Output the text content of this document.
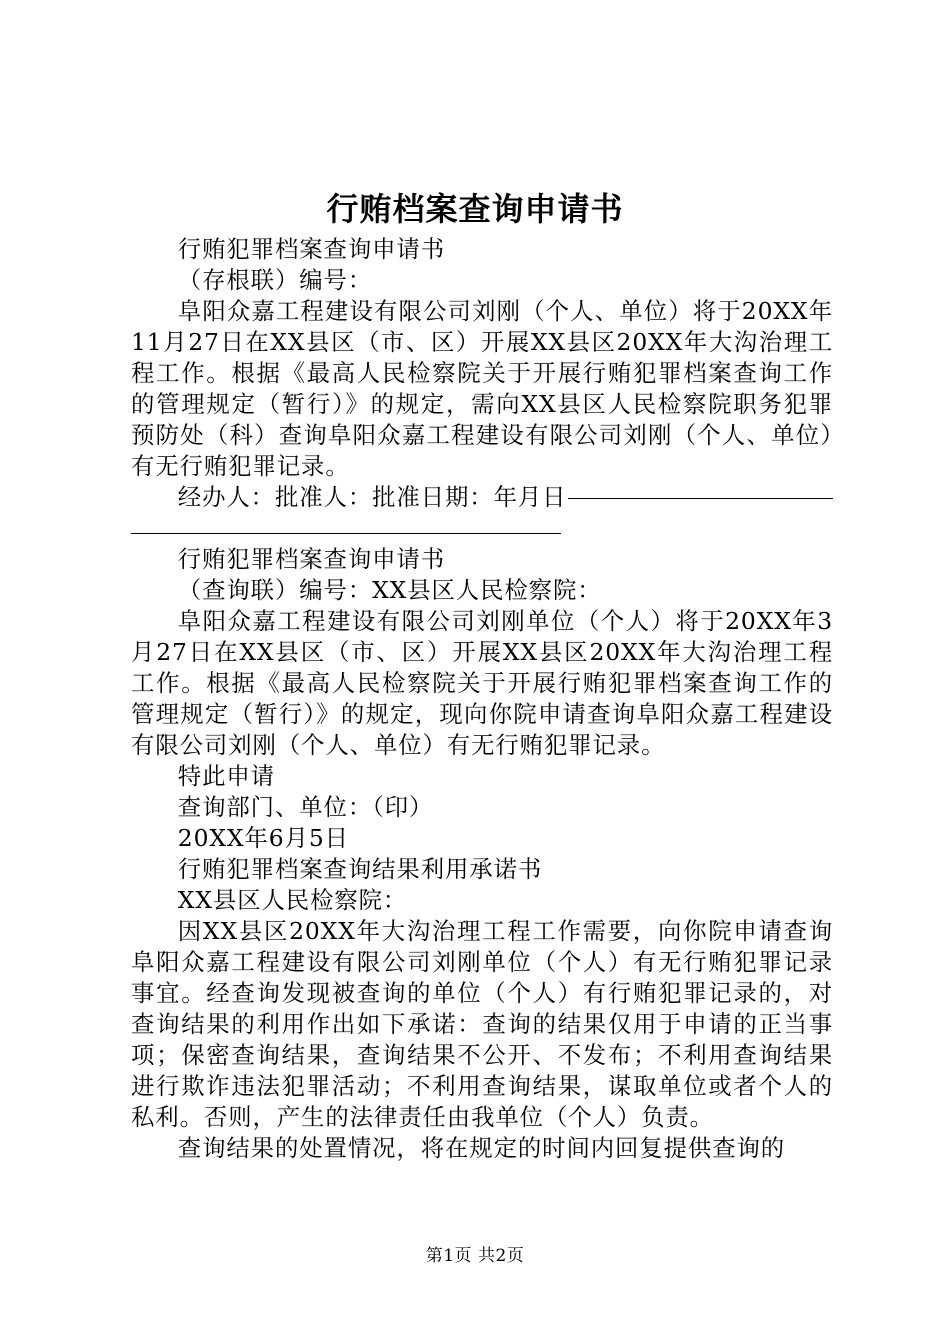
行贿档案查询申请书

行贿犯罪档案查询申请书

（存根联）编号：

阜阳众嘉工程建设有限公司刘刚（个人、单位）将于20XX年11月27日在XX县区（市、区）开展XX县区20XX年大沟治理工程工作。根据《最高人民检察院关于开展行贿犯罪档案查询工作的管理规定（暂行）》的规定，需向XX县区人民检察院职务犯罪预防处（科）查询阜阳众嘉工程建设有限公司刘刚（个人、单位）有无行贿犯罪记录。

经办人：批准人：批准日期：年月日

行贿犯罪档案查询申请书

（查询联）编号：XX县区人民检察院：

阜阳众嘉工程建设有限公司刘刚单位（个人）将于20XX年3月27日在XX县区（市、区）开展XX县区20XX年大沟治理工程工作。根据《最高人民检察院关于开展行贿犯罪档案查询工作的管理规定（暂行）》的规定，现向你院申请查询阜阳众嘉工程建设有限公司刘刚（个人、单位）有无行贿犯罪记录。

特此申请

查询部门、单位：（印）

20XX年6月5日

行贿犯罪档案查询结果利用承诺书

XX县区人民检察院：

因XX县区20XX年大沟治理工程工作需要，向你院申请查询阜阳众嘉工程建设有限公司刘刚单位（个人）有无行贿犯罪记录事宜。经查询发现被查询的单位（个人）有行贿犯罪记录的，对查询结果的利用作出如下承诺：查询的结果仅用于申请的正当事项；保密查询结果，查询结果不公开、不发布；不利用查询结果进行欺诈违法犯罪活动；不利用查询结果，谋取单位或者个人的私利。否则，产生的法律责任由我单位（个人）负责。

查询结果的处置情况，将在规定的时间内回复提供查询的

第1页 共2页
